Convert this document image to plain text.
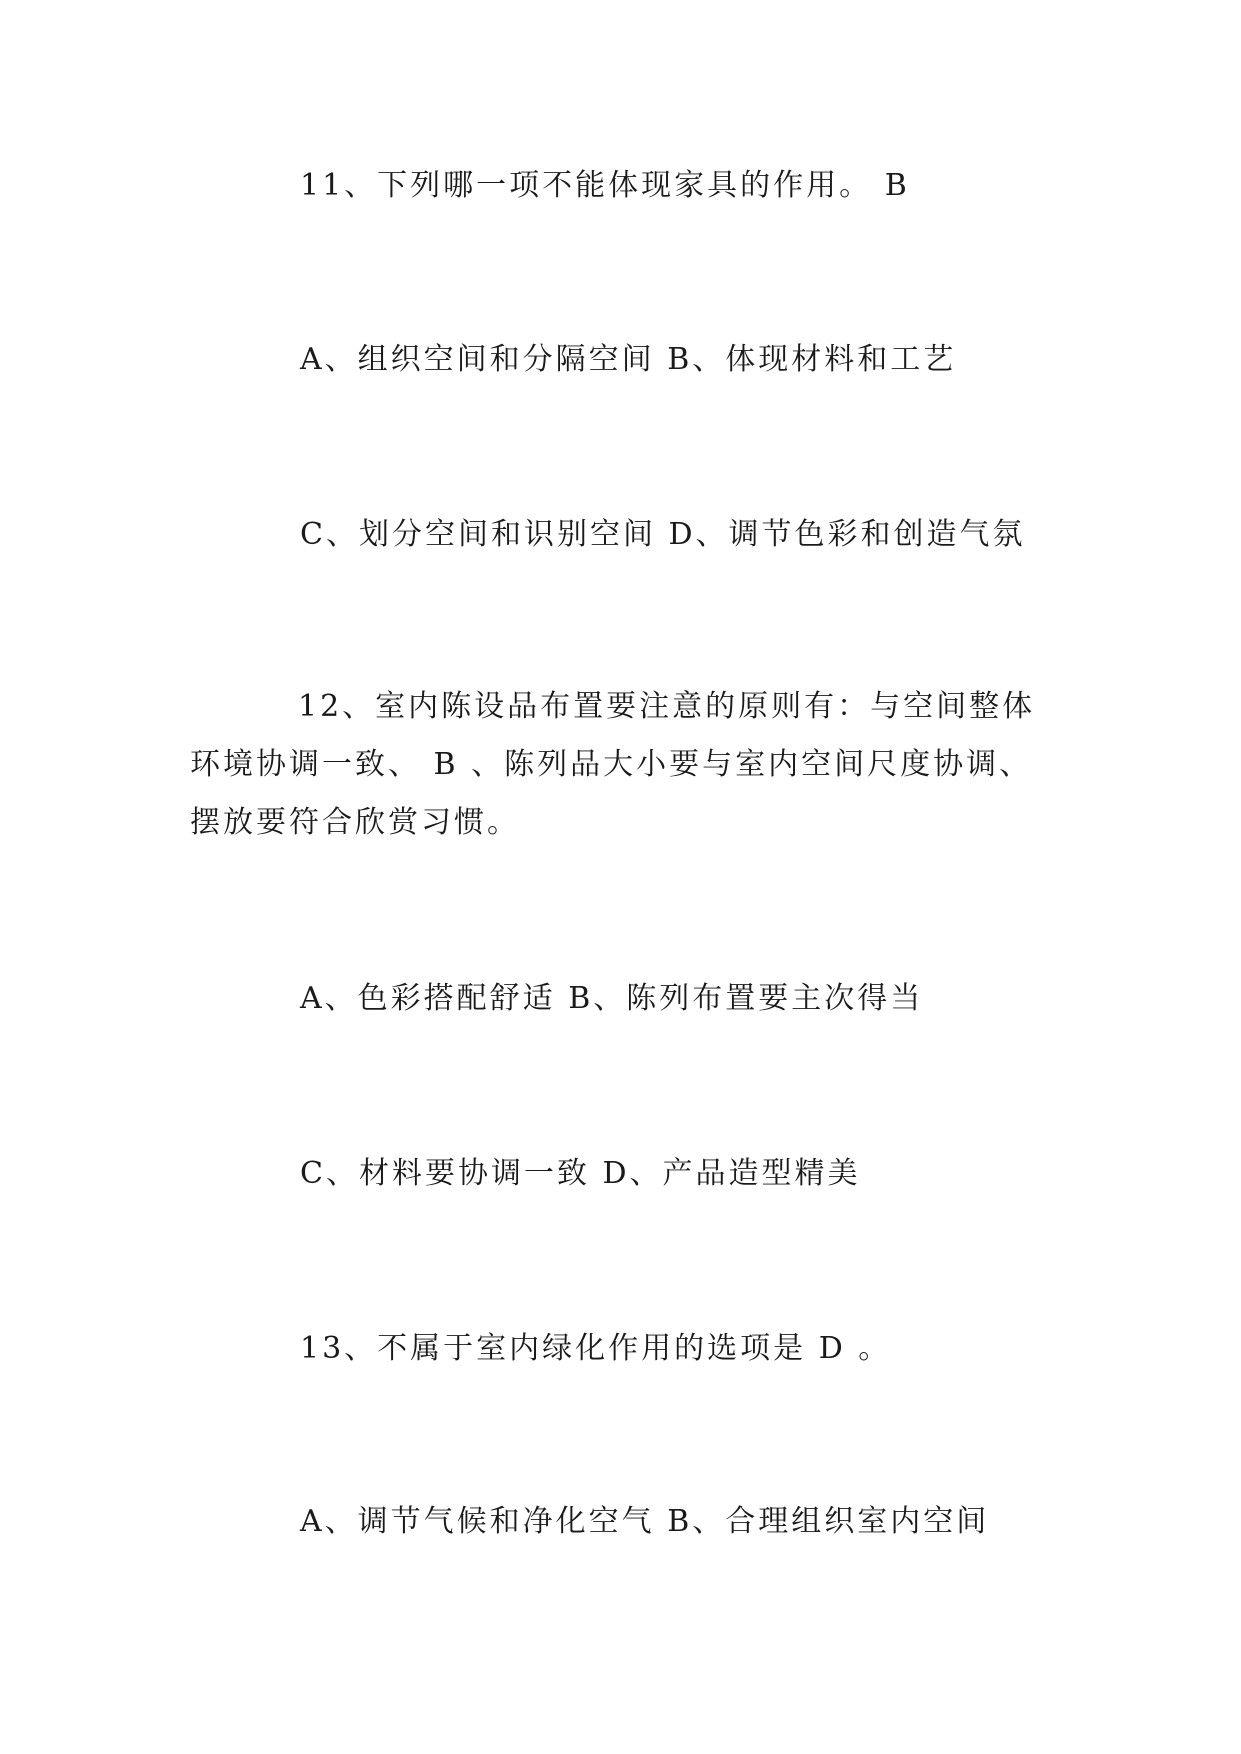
11、下列哪一项不能体现家具的作用。 B
A、组织空间和分隔空间 B、体现材料和工艺
C、划分空间和识别空间 D、调节色彩和创造气氛
12、室内陈设品布置要注意的原则有：与空间整体环境协调一致、 B 、陈列品大小要与室内空间尺度协调、摆放要符合欣赏习惯。
A、色彩搭配舒适 B、陈列布置要主次得当
C、材料要协调一致 D、产品造型精美
13、不属于室内绿化作用的选项是 D 。
A、调节气候和净化空气 B、合理组织室内空间
